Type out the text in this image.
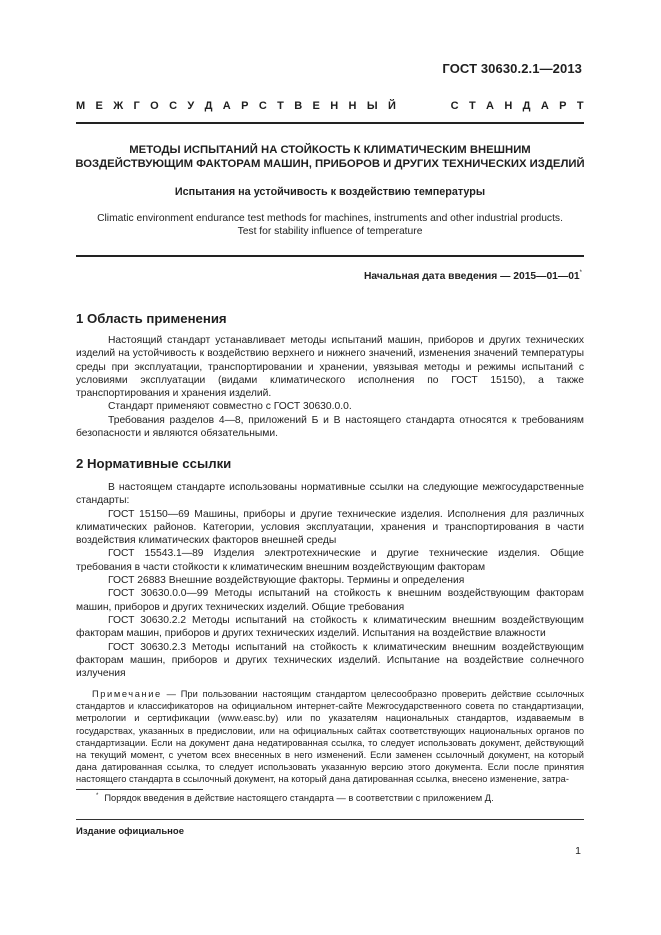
ГОСТ 30630.2.1—2013
М Е Ж Г О С У Д А Р С Т В Е Н Н Ы Й	С Т А Н Д А Р Т
МЕТОДЫ ИСПЫТАНИЙ НА СТОЙКОСТЬ К КЛИМАТИЧЕСКИМ ВНЕШНИМ
ВОЗДЕЙСТВУЮЩИМ ФАКТОРАМ МАШИН, ПРИБОРОВ И ДРУГИХ ТЕХНИЧЕСКИХ ИЗДЕЛИЙ
Испытания на устойчивость к воздействию температуры
Climatic environment endurance test methods for machines, instruments and other industrial products.
Test for stability influence of temperature
Начальная дата введения — 2015—01—01*
1 Область применения

Настоящий стандарт устанавливает методы испытаний машин, приборов и других технических изделий на устойчивость к воздействию верхнего и нижнего значений, изменения значений температуры среды при эксплуатации, транспортировании и хранении, увязывая методы и режимы испытаний с условиями эксплуатации (видами климатического исполнения по ГОСТ 15150), а также транспортирования и хранения изделий.

Стандарт применяют совместно с ГОСТ 30630.0.0.

Требования разделов 4—8, приложений Б и В настоящего стандарта относятся к требованиям безопасности и являются обязательными.

2 Нормативные ссылки

В настоящем стандарте использованы нормативные ссылки на следующие межгосударственные стандарты:

ГОСТ 15150—69 Машины, приборы и другие технические изделия. Исполнения для различных климатических районов. Категории, условия эксплуатации, хранения и транспортирования в части воздействия климатических факторов внешней среды

ГОСТ 15543.1—89 Изделия электротехнические и другие технические изделия. Общие требования в части стойкости к климатическим внешним воздействующим факторам

ГОСТ 26883 Внешние воздействующие факторы. Термины и определения

ГОСТ 30630.0.0—99 Методы испытаний на стойкость к внешним воздействующим факторам машин, приборов и других технических изделий. Общие требования

ГОСТ 30630.2.2 Методы испытаний на стойкость к климатическим внешним воздействующим факторам машин, приборов и других технических изделий. Испытания на воздействие влажности

ГОСТ 30630.2.3 Методы испытаний на стойкость к климатическим внешним воздействующим факторам машин, приборов и других технических изделий. Испытание на воздействие солнечного излучения

Примечание — При пользовании настоящим стандартом целесообразно проверить действие ссылочных стандартов и классификаторов на официальном интернет-сайте Межгосударственного совета по стандартизации, метрологии и сертификации (www.easc.by) или по указателям национальных стандартов, издаваемым в государствах, указанных в предисловии, или на официальных сайтах соответствующих национальных органов по стандартизации. Если на документ дана недатированная ссылка, то следует использовать документ, действующий на текущий момент, с учетом всех внесенных в него изменений. Если заменен ссылочный документ, на который дана датированная ссылка, то следует использовать указанную версию этого документа. Если после принятия настоящего стандарта в ссылочный документ, на который дана датированная ссылка, внесено изменение, затра-

* Порядок введения в действие настоящего стандарта — в соответствии с приложением Д.
Издание официальное
1
